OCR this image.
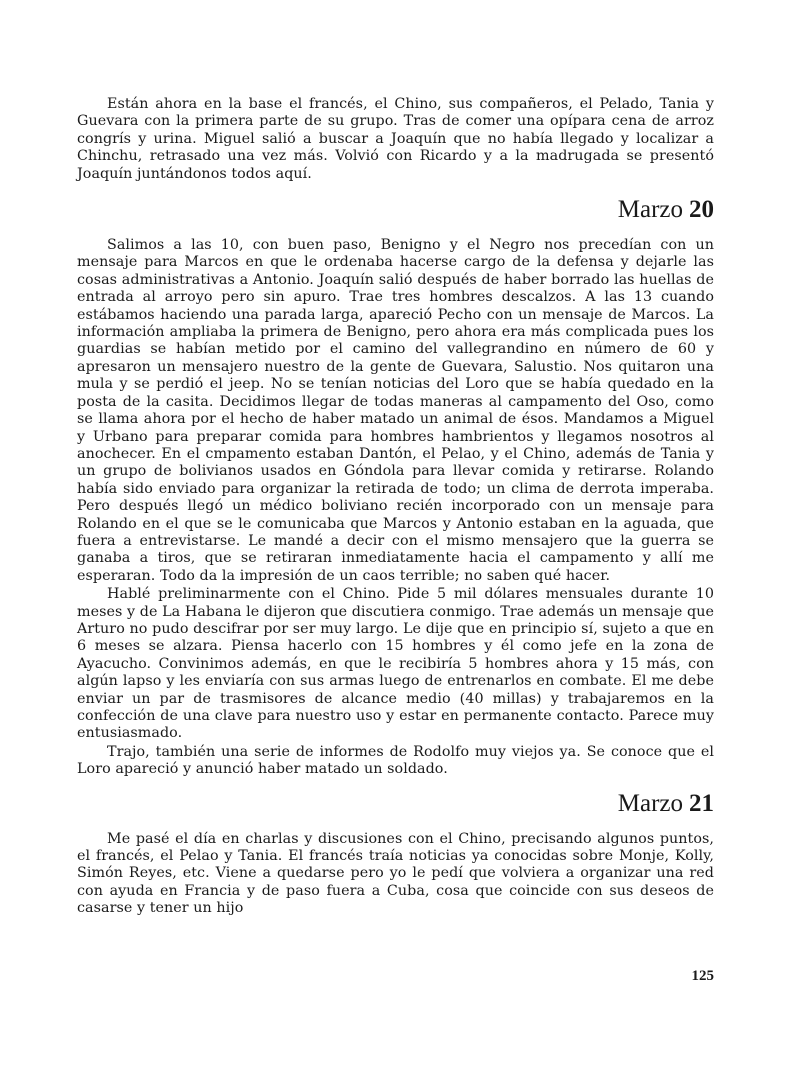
Están ahora en la base el francés, el Chino, sus compañeros, el Pelado, Tania y Guevara con la primera parte de su grupo. Tras de comer una opípara cena de arroz congrís y urina. Miguel salió a buscar a Joaquín que no había llegado y localizar a Chinchu, retrasado una vez más. Volvió con Ricardo y a la madrugada se presentó Joaquín juntándonos todos aquí.

Marzo 20

Salimos a las 10, con buen paso, Benigno y el Negro nos precedían con un mensaje para Marcos en que le ordenaba hacerse cargo de la defensa y dejarle las cosas administrativas a Antonio. Joaquín salió después de haber borrado las huellas de entrada al arroyo pero sin apuro. Trae tres hombres descalzos. A las 13 cuando estábamos haciendo una parada larga, apareció Pecho con un mensaje de Marcos. La información ampliaba la primera de Benigno, pero ahora era más complicada pues los guardias se habían metido por el camino del vallegrandino en número de 60 y apresaron un mensajero nuestro de la gente de Guevara, Salustio. Nos quitaron una mula y se perdió el jeep. No se tenían noticias del Loro que se había quedado en la posta de la casita. Decidimos llegar de todas maneras al campamento del Oso, como se llama ahora por el hecho de haber matado un animal de ésos. Mandamos a Miguel y Urbano para preparar comida para hombres hambrientos y llegamos nosotros al anochecer. En el cmpamento estaban Dantón, el Pelao, y el Chino, además de Tania y un grupo de bolivianos usados en Góndola para llevar comida y retirarse. Rolando había sido enviado para organizar la retirada de todo; un clima de derrota imperaba. Pero después llegó un médico boliviano recién incorporado con un mensaje para Rolando en el que se le comunicaba que Marcos y Antonio estaban en la aguada, que fuera a entrevistarse. Le mandé a decir con el mismo mensajero que la guerra se ganaba a tiros, que se retiraran inmediatamente hacia el campamento y allí me esperaran. Todo da la impresión de un caos terrible; no saben qué hacer.

Hablé preliminarmente con el Chino. Pide 5 mil dólares mensuales durante 10 meses y de La Habana le dijeron que discutiera conmigo. Trae además un mensaje que Arturo no pudo descifrar por ser muy largo. Le dije que en principio sí, sujeto a que en 6 meses se alzara. Piensa hacerlo con 15 hombres y él como jefe en la zona de Ayacucho. Convinimos además, en que le recibiría 5 hombres ahora y 15 más, con algún lapso y les enviaría con sus armas luego de entrenarlos en combate. El me debe enviar un par de trasmisores de alcance medio (40 millas) y trabajaremos en la confección de una clave para nuestro uso y estar en permanente contacto. Parece muy entusiasmado.

Trajo, también una serie de informes de Rodolfo muy viejos ya. Se conoce que el Loro apareció y anunció haber matado un soldado.

Marzo 21

Me pasé el día en charlas y discusiones con el Chino, precisando algunos puntos, el francés, el Pelao y Tania. El francés traía noticias ya conocidas sobre Monje, Kolly, Simón Reyes, etc. Viene a quedarse pero yo le pedí que volviera a organizar una red con ayuda en Francia y de paso fuera a Cuba, cosa que coincide con sus deseos de casarse y tener un hijo

125
